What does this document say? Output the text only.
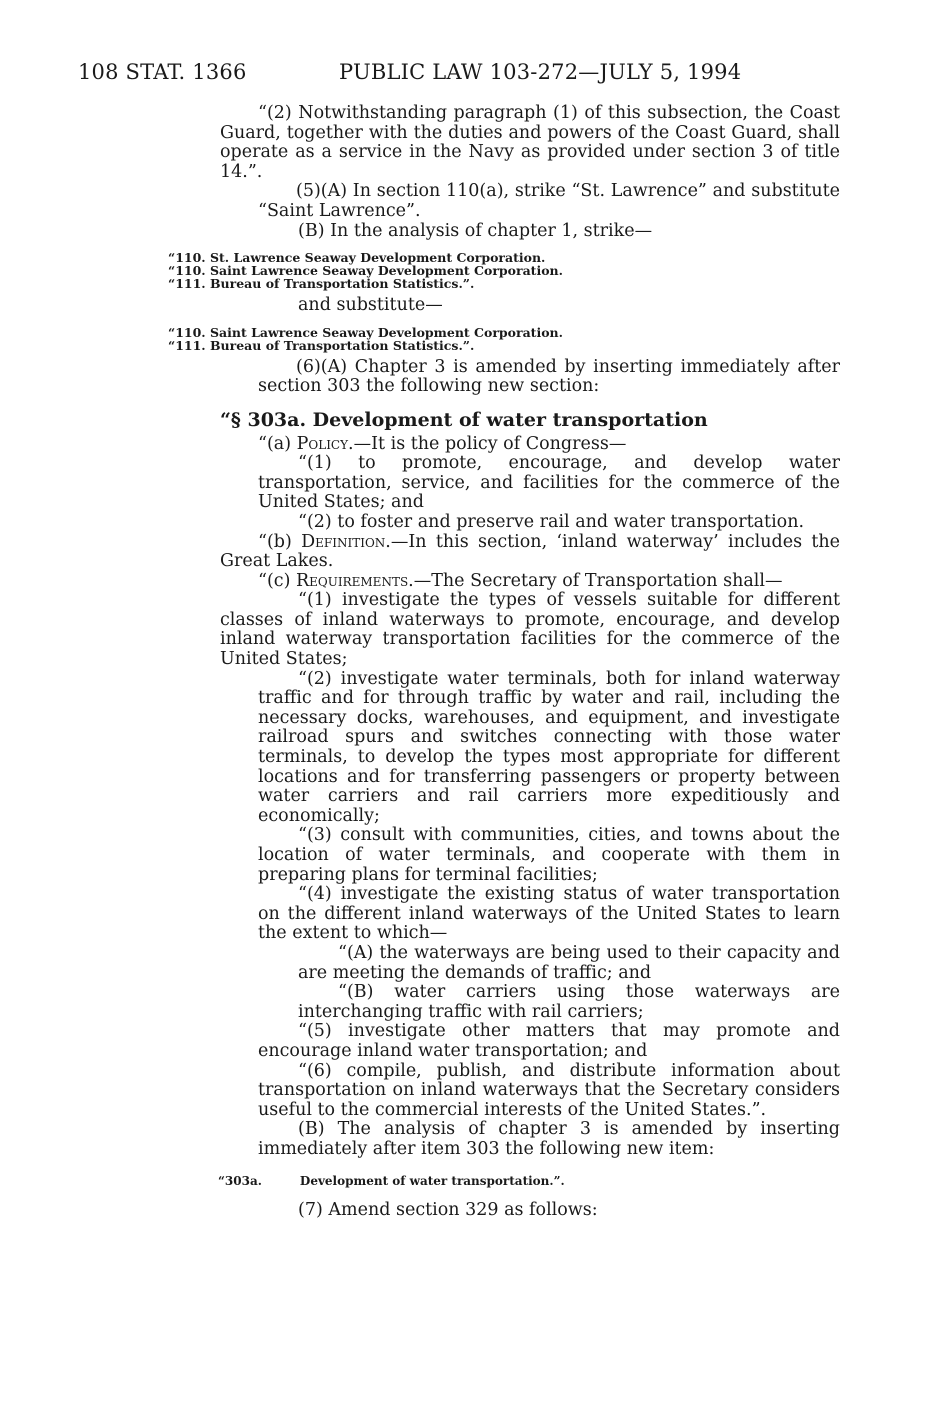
108 STAT. 1366	PUBLIC LAW 103-272—JULY 5, 1994

“(2) Notwithstanding paragraph (1) of this subsection, the Coast Guard, together with the duties and powers of the Coast Guard, shall operate as a service in the Navy as provided under section 3 of title 14.”.

(5)(A) In section 110(a), strike “St. Lawrence” and substitute “Saint Lawrence”.

(B) In the analysis of chapter 1, strike—

“110. St. Lawrence Seaway Development Corporation.
“110. Saint Lawrence Seaway Development Corporation.
“111. Bureau of Transportation Statistics.”.

and substitute—

“110. Saint Lawrence Seaway Development Corporation.
“111. Bureau of Transportation Statistics.”.

(6)(A) Chapter 3 is amended by inserting immediately after section 303 the following new section:

“§ 303a. Development of water transportation

“(a) Policy.—It is the policy of Congress—

“(1) to promote, encourage, and develop water transportation, service, and facilities for the commerce of the United States; and

“(2) to foster and preserve rail and water transportation.

“(b) Definition.—In this section, ‘inland waterway’ includes the Great Lakes.

“(c) Requirements.—The Secretary of Transportation shall—

“(1) investigate the types of vessels suitable for different classes of inland waterways to promote, encourage, and develop inland waterway transportation facilities for the commerce of the United States;

“(2) investigate water terminals, both for inland waterway traffic and for through traffic by water and rail, including the necessary docks, warehouses, and equipment, and investigate railroad spurs and switches connecting with those water terminals, to develop the types most appropriate for different locations and for transferring passengers or property between water carriers and rail carriers more expeditiously and economically;

“(3) consult with communities, cities, and towns about the location of water terminals, and cooperate with them in preparing plans for terminal facilities;

“(4) investigate the existing status of water transportation on the different inland waterways of the United States to learn the extent to which—

“(A) the waterways are being used to their capacity and are meeting the demands of traffic; and

“(B) water carriers using those waterways are interchanging traffic with rail carriers;

“(5) investigate other matters that may promote and encourage inland water transportation; and

“(6) compile, publish, and distribute information about transportation on inland waterways that the Secretary considers useful to the commercial interests of the United States.”.

(B) The analysis of chapter 3 is amended by inserting immediately after item 303 the following new item:

“303a.	Development of water transportation.”.

(7) Amend section 329 as follows:
